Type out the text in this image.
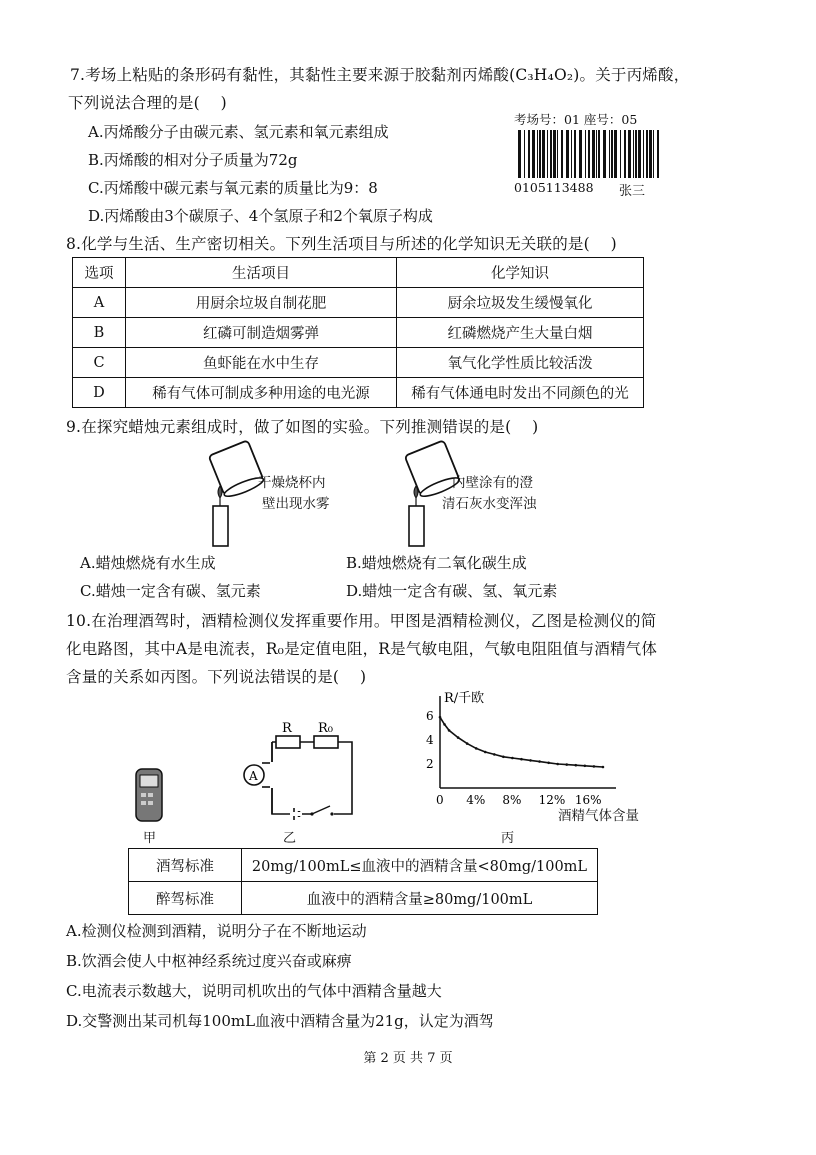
7.考场上粘贴的条形码有黏性，其黏性主要来源于胶黏剂丙烯酸(C₃H₄O₂)。关于丙烯酸，
下列说法合理的是(　 )
A.丙烯酸分子由碳元素、氢元素和氧元素组成
B.丙烯酸的相对分子质量为72g
C.丙烯酸中碳元素与氧元素的质量比为9：8
D.丙烯酸由3个碳原子、4个氢原子和2个氧原子构成
考场号：01 座号：05
0105113488 张三
8.化学与生活、生产密切相关。下列生活项目与所述的化学知识无关联的是(　 )
选项	生活项目	化学知识
A	用厨余垃圾自制花肥	厨余垃圾发生缓慢氧化
B	红磷可制造烟雾弹	红磷燃烧产生大量白烟
C	鱼虾能在水中生存	氧气化学性质比较活泼
D	稀有气体可制成多种用途的电光源	稀有气体通电时发出不同颜色的光
9.在探究蜡烛元素组成时，做了如图的实验。下列推测错误的是(　 )
干燥烧杯内
壁出现水雾
内壁涂有的澄
清石灰水变浑浊
A.蜡烛燃烧有水生成	B.蜡烛燃烧有二氧化碳生成
C.蜡烛一定含有碳、氢元素	D.蜡烛一定含有碳、氢、氧元素
10.在治理酒驾时，酒精检测仪发挥重要作用。甲图是酒精检测仪，乙图是检测仪的简
化电路图，其中A是电流表，R₀是定值电阻，R是气敏电阻，气敏电阻阻值与酒精气体
含量的关系如丙图。下列说法错误的是(　 )
甲
R R₀
A
乙
R/千欧
2
4
6
0 4% 8% 12% 16%
酒精气体含量
丙
酒驾标准	20mg/100mL≤血液中的酒精含量<80mg/100mL
醉驾标准	血液中的酒精含量≥80mg/100mL
A.检测仪检测到酒精，说明分子在不断地运动
B.饮酒会使人中枢神经系统过度兴奋或麻痹
C.电流表示数越大，说明司机吹出的气体中酒精含量越大
D.交警测出某司机每100mL血液中酒精含量为21g，认定为酒驾
第 2 页 共 7 页
